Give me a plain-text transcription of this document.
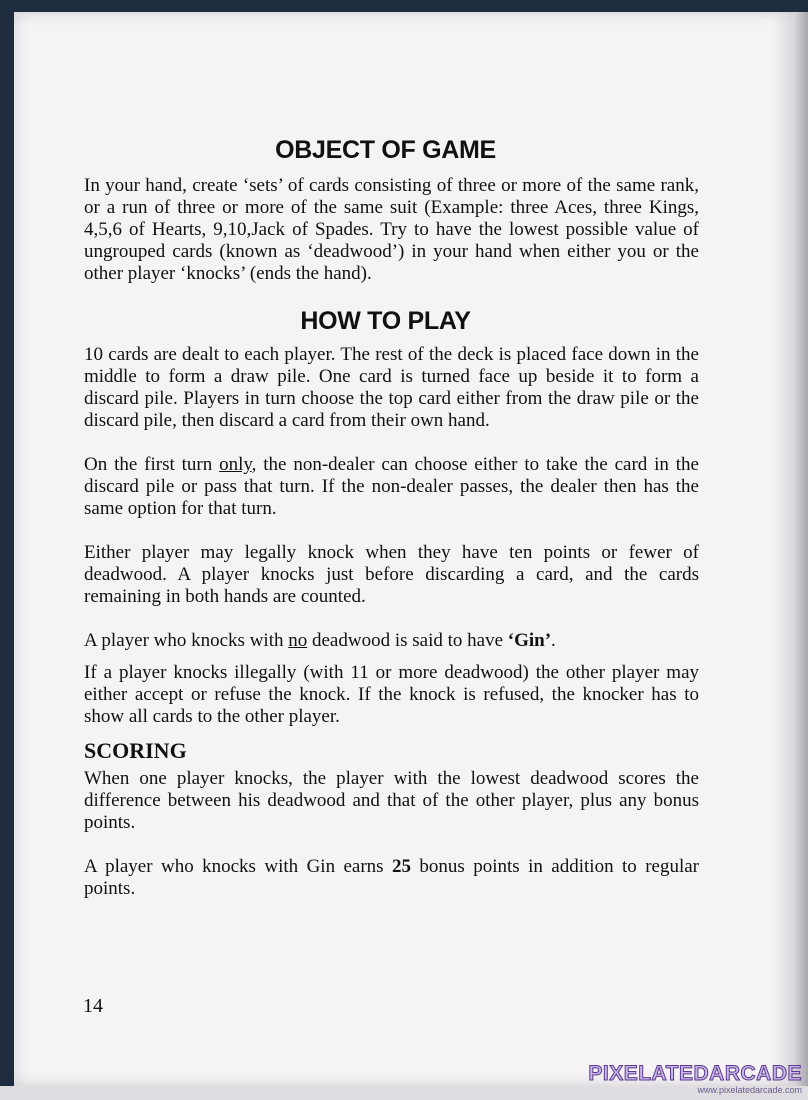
OBJECT OF GAME

In your hand, create ‘sets’ of cards consisting of three or more of the same rank, or a run of three or more of the same suit (Example: three Aces, three Kings, 4,5,6 of Hearts, 9,10,Jack of Spades. Try to have the lowest possible value of ungrouped cards (known as ‘deadwood’) in your hand when either you or the other player ‘knocks’ (ends the hand).

HOW TO PLAY

10 cards are dealt to each player. The rest of the deck is placed face down in the middle to form a draw pile. One card is turned face up beside it to form a discard pile. Players in turn choose the top card either from the draw pile or the discard pile, then discard a card from their own hand.

On the first turn only, the non-dealer can choose either to take the card in the discard pile or pass that turn. If the non-dealer passes, the dealer then has the same option for that turn.

Either player may legally knock when they have ten points or fewer of deadwood. A player knocks just before discarding a card, and the cards remaining in both hands are counted.

A player who knocks with no deadwood is said to have ‘Gin’.

If a player knocks illegally (with 11 or more deadwood) the other player may either accept or refuse the knock. If the knock is refused, the knocker has to show all cards to the other player.

SCORING

When one player knocks, the player with the lowest deadwood scores the difference between his deadwood and that of the other player, plus any bonus points.

A player who knocks with Gin earns 25 bonus points in addition to regular points.

14
PIXELATEDARCADE
www.pixelatedarcade.com
